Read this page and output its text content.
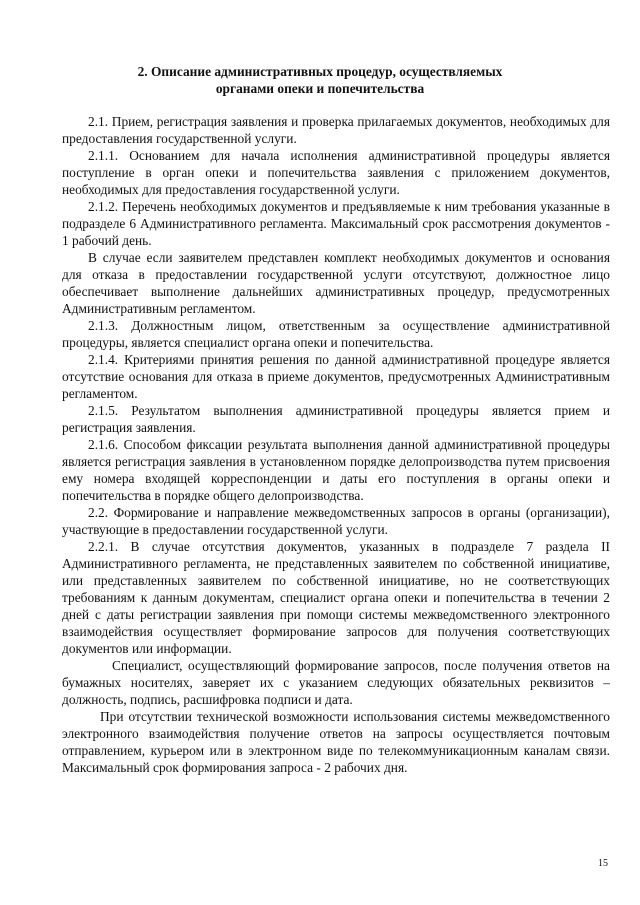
2. Описание административных процедур, осуществляемых
органами опеки и попечительства

2.1. Прием, регистрация заявления и проверка прилагаемых документов, необходимых для предоставления государственной услуги.

2.1.1. Основанием для начала исполнения административной процедуры является поступление в орган опеки и попечительства заявления с приложением документов, необходимых для предоставления государственной услуги.

2.1.2. Перечень необходимых документов и предъявляемые к ним требования указанные в подразделе 6 Административного регламента. Максимальный срок рассмотрения документов - 1 рабочий день.

В случае если заявителем представлен комплект необходимых документов и основания для отказа в предоставлении государственной услуги отсутствуют, должностное лицо обеспечивает выполнение дальнейших административных процедур, предусмотренных Административным регламентом.

2.1.3. Должностным лицом, ответственным за осуществление административной процедуры, является специалист органа опеки и попечительства.

2.1.4. Критериями принятия решения по данной административной процедуре является отсутствие основания для отказа в приеме документов, предусмотренных Административным регламентом.

2.1.5. Результатом выполнения административной процедуры является прием и регистрация заявления.

2.1.6. Способом фиксации результата выполнения данной административной процедуры является регистрация заявления в установленном порядке делопроизводства путем присвоения ему номера входящей корреспонденции и даты его поступления в органы опеки и попечительства в порядке общего делопроизводства.

2.2. Формирование и направление межведомственных запросов в органы (организации), участвующие в предоставлении государственной услуги.

2.2.1. В случае отсутствия документов, указанных в подразделе 7 раздела II Административного регламента, не представленных заявителем по собственной инициативе, или представленных заявителем по собственной инициативе, но не соответствующих требованиям к данным документам, специалист органа опеки и попечительства в течении 2 дней с даты регистрации заявления при помощи системы межведомственного электронного взаимодействия осуществляет формирование запросов для получения соответствующих документов или информации.

Специалист, осуществляющий формирование запросов, после получения ответов на бумажных носителях, заверяет их с указанием следующих обязательных реквизитов – должность, подпись, расшифровка подписи и дата.

При отсутствии технической возможности использования системы межведомственного электронного взаимодействия получение ответов на запросы осуществляется почтовым отправлением, курьером или в электронном виде по телекоммуникационным каналам связи. Максимальный срок формирования запроса - 2 рабочих дня.

15
